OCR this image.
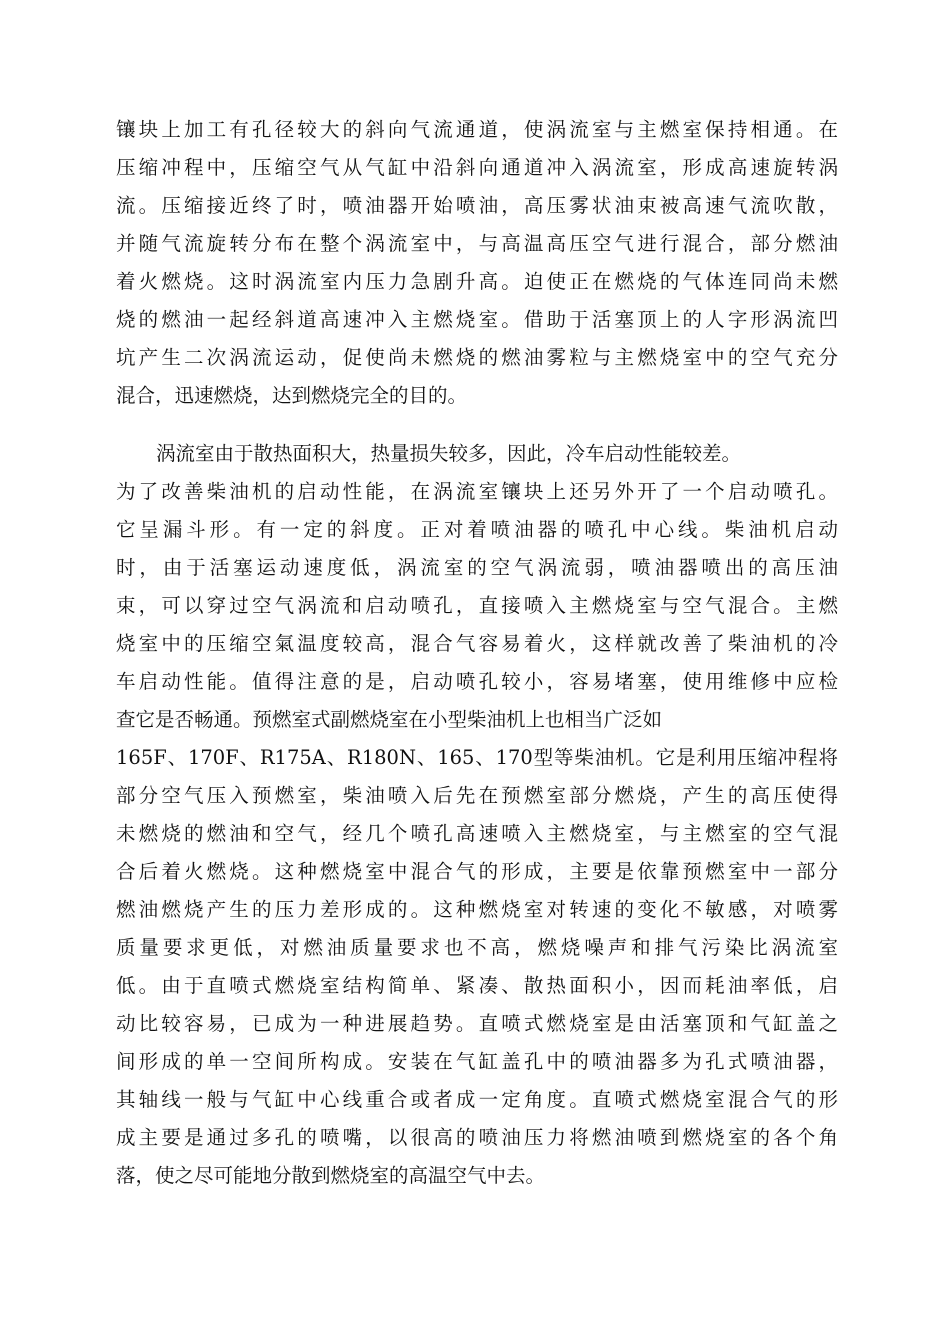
镶块上加工有孔径较大的斜向气流通道，使涡流室与主燃室保持相通。在
压缩冲程中，压缩空气从气缸中沿斜向通道冲入涡流室，形成高速旋转涡
流。压缩接近终了时，喷油器开始喷油，高压雾状油束被高速气流吹散，
并随气流旋转分布在整个涡流室中，与高温高压空气进行混合，部分燃油
着火燃烧。这时涡流室内压力急剧升高。迫使正在燃烧的气体连同尚未燃
烧的燃油一起经斜道高速冲入主燃烧室。借助于活塞顶上的人字形涡流凹
坑产生二次涡流运动，促使尚未燃烧的燃油雾粒与主燃烧室中的空气充分
混合，迅速燃烧，达到燃烧完全的目的。
涡流室由于散热面积大，热量损失较多，因此，冷车启动性能较差。
为了改善柴油机的启动性能，在涡流室镶块上还另外开了一个启动喷孔。
它呈漏斗形。有一定的斜度。正对着喷油器的喷孔中心线。柴油机启动
时，由于活塞运动速度低，涡流室的空气涡流弱，喷油器喷出的高压油
束，可以穿过空气涡流和启动喷孔，直接喷入主燃烧室与空气混合。主燃
烧室中的压缩空氣温度较高，混合气容易着火，这样就改善了柴油机的冷
车启动性能。值得注意的是，启动喷孔较小，容易堵塞，使用维修中应检
查它是否畅通。预燃室式副燃烧室在小型柴油机上也相当广泛如
165F、170F、R175A、R180N、165、170型等柴油机。它是利用压缩冲程将
部分空气压入预燃室，柴油喷入后先在预燃室部分燃烧，产生的高压使得
未燃烧的燃油和空气，经几个喷孔高速喷入主燃烧室，与主燃室的空气混
合后着火燃烧。这种燃烧室中混合气的形成，主要是依靠预燃室中一部分
燃油燃烧产生的压力差形成的。这种燃烧室对转速的变化不敏感，对喷雾
质量要求更低，对燃油质量要求也不高，燃烧噪声和排气污染比涡流室
低。由于直喷式燃烧室结构简单、紧凑、散热面积小，因而耗油率低，启
动比较容易，已成为一种进展趋势。直喷式燃烧室是由活塞顶和气缸盖之
间形成的单一空间所构成。安装在气缸盖孔中的喷油器多为孔式喷油器，
其轴线一般与气缸中心线重合或者成一定角度。直喷式燃烧室混合气的形
成主要是通过多孔的喷嘴，以很高的喷油压力将燃油喷到燃烧室的各个角
落，使之尽可能地分散到燃烧室的高温空气中去。
